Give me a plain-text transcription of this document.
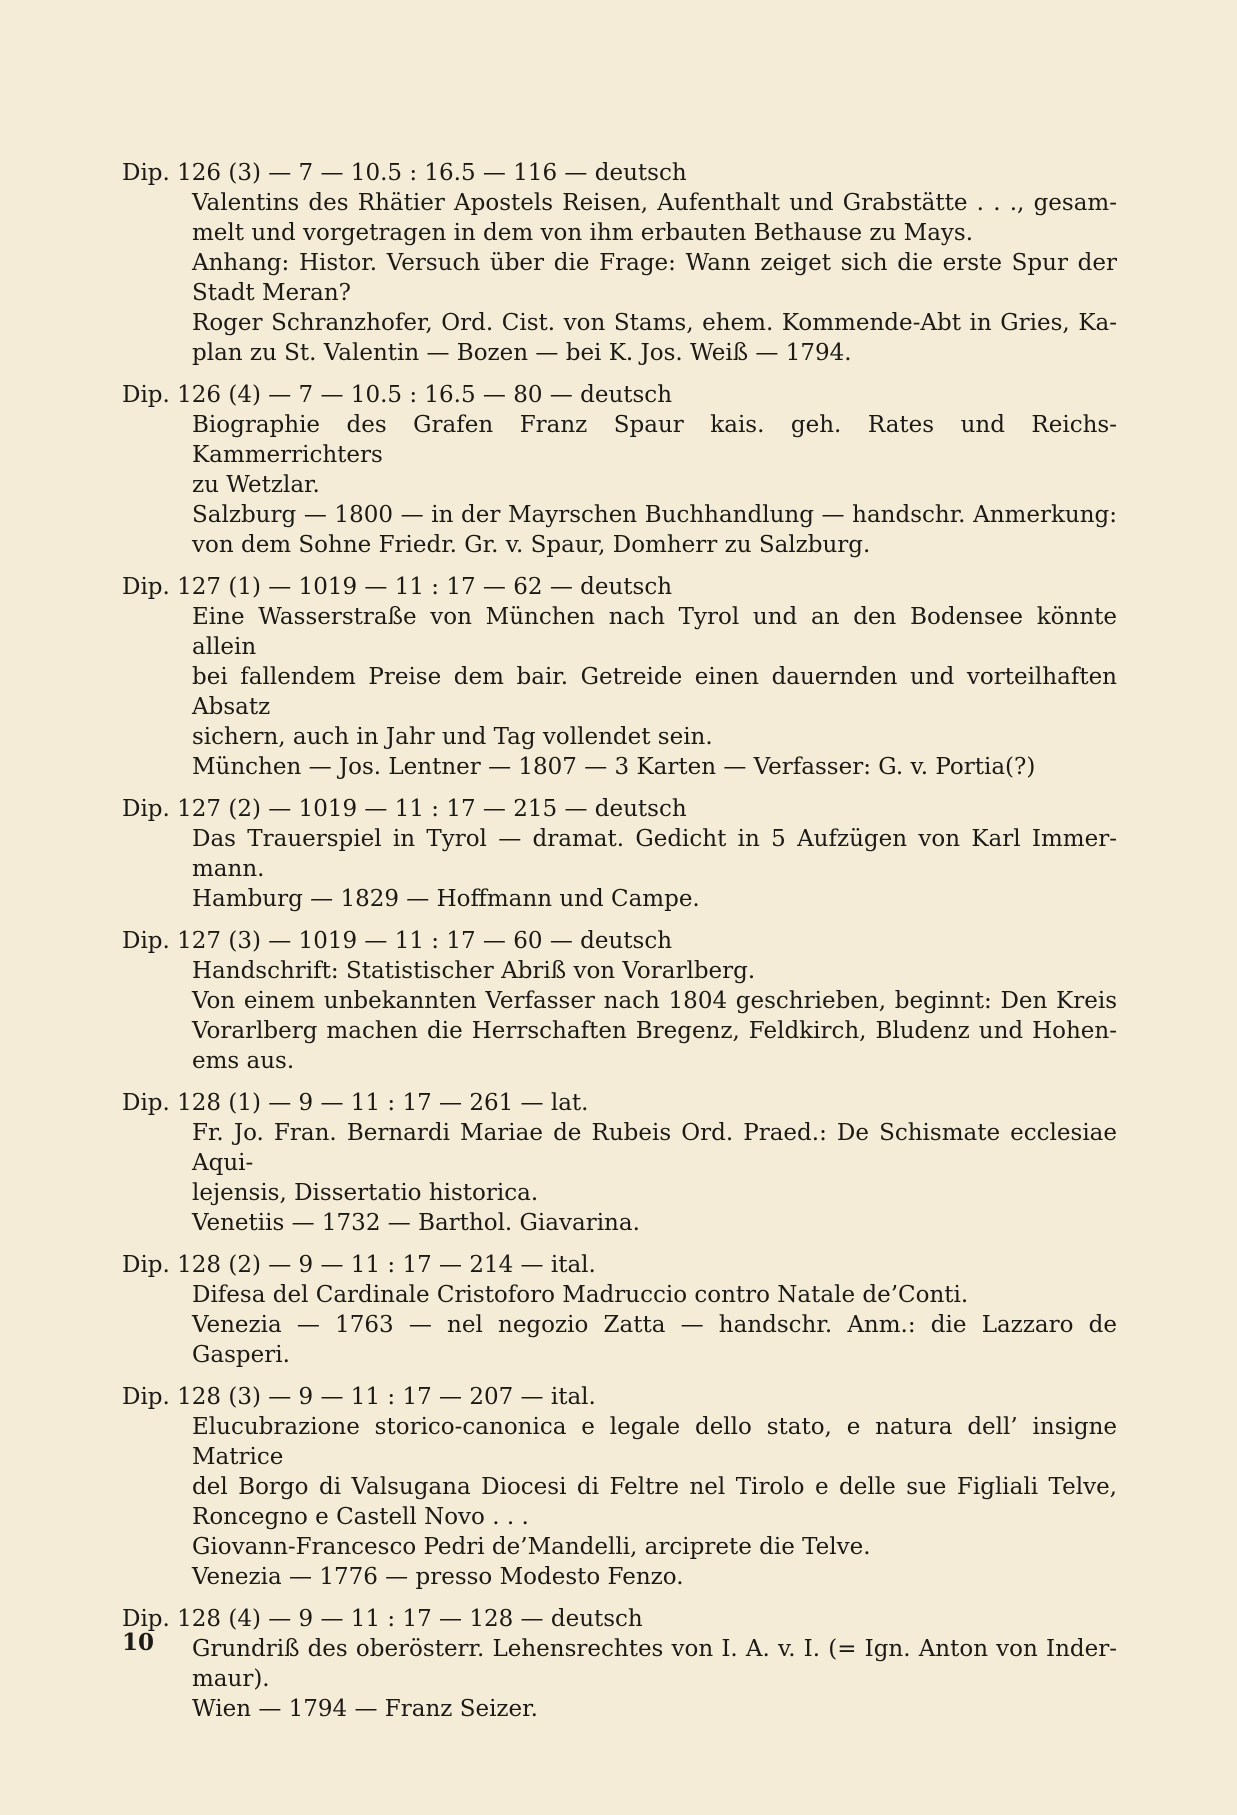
Dip. 126 (3) — 7 — 10.5 : 16.5 — 116 — deutsch
Valentins des Rhätier Apostels Reisen, Aufenthalt und Grabstätte . . ., gesam-
melt und vorgetragen in dem von ihm erbauten Bethause zu Mays.
Anhang: Histor. Versuch über die Frage: Wann zeiget sich die erste Spur der
Stadt Meran?
Roger Schranzhofer, Ord. Cist. von Stams, ehem. Kommende-Abt in Gries, Ka-
plan zu St. Valentin — Bozen — bei K. Jos. Weiß — 1794.
Dip. 126 (4) — 7 — 10.5 : 16.5 — 80 — deutsch
Biographie des Grafen Franz Spaur kais. geh. Rates und Reichs-Kammerrichters
zu Wetzlar.
Salzburg — 1800 — in der Mayrschen Buchhandlung — handschr. Anmerkung:
von dem Sohne Friedr. Gr. v. Spaur, Domherr zu Salzburg.
Dip. 127 (1) — 1019 — 11 : 17 — 62 — deutsch
Eine Wasserstraße von München nach Tyrol und an den Bodensee könnte allein
bei fallendem Preise dem bair. Getreide einen dauernden und vorteilhaften Absatz
sichern, auch in Jahr und Tag vollendet sein.
München — Jos. Lentner — 1807 — 3 Karten — Verfasser: G. v. Portia(?)
Dip. 127 (2) — 1019 — 11 : 17 — 215 — deutsch
Das Trauerspiel in Tyrol — dramat. Gedicht in 5 Aufzügen von Karl Immer-
mann.
Hamburg — 1829 — Hoffmann und Campe.
Dip. 127 (3) — 1019 — 11 : 17 — 60 — deutsch
Handschrift: Statistischer Abriß von Vorarlberg.
Von einem unbekannten Verfasser nach 1804 geschrieben, beginnt: Den Kreis
Vorarlberg machen die Herrschaften Bregenz, Feldkirch, Bludenz und Hohen-
ems aus.
Dip. 128 (1) — 9 — 11 : 17 — 261 — lat.
Fr. Jo. Fran. Bernardi Mariae de Rubeis Ord. Praed.: De Schismate ecclesiae Aqui-
lejensis, Dissertatio historica.
Venetiis — 1732 — Barthol. Giavarina.
Dip. 128 (2) — 9 — 11 : 17 — 214 — ital.
Difesa del Cardinale Cristoforo Madruccio contro Natale de’Conti.
Venezia — 1763 — nel negozio Zatta — handschr. Anm.: die Lazzaro de Gasperi.
Dip. 128 (3) — 9 — 11 : 17 — 207 — ital.
Elucubrazione storico-canonica e legale dello stato, e natura dell’ insigne Matrice
del Borgo di Valsugana Diocesi di Feltre nel Tirolo e delle sue Figliali Telve,
Roncegno e Castell Novo . . .
Giovann-Francesco Pedri de’Mandelli, arciprete die Telve.
Venezia — 1776 — presso Modesto Fenzo.
Dip. 128 (4) — 9 — 11 : 17 — 128 — deutsch
Grundriß des oberösterr. Lehensrechtes von I. A. v. I. (= Ign. Anton von Inder-
maur).
Wien — 1794 — Franz Seizer.
10
